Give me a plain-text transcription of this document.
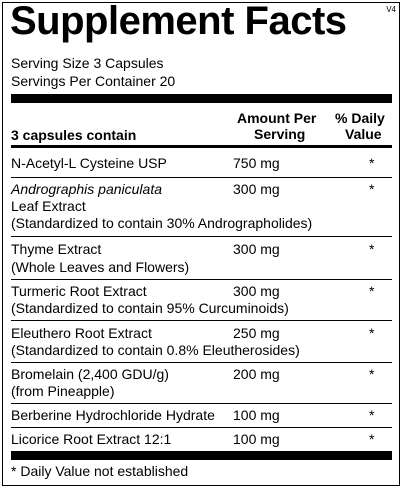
V4
Supplement Facts
Serving Size 3 Capsules
Servings Per Container 20
3 capsules contain
Amount Per
Serving
% Daily
Value
N-Acetyl-L Cysteine USP	750 mg	*
Andrographis paniculata
Leaf Extract
(Standardized to contain 30% Andrographolides)
300 mg	*
Thyme Extract
(Whole Leaves and Flowers)
300 mg	*
Turmeric Root Extract
(Standardized to contain 95% Curcuminoids)
300 mg	*
Eleuthero Root Extract
(Standardized to contain 0.8% Eleutherosides)
250 mg	*
Bromelain (2,400 GDU/g)
(from Pineapple)
200 mg	*
Berberine Hydrochloride Hydrate 100 mg	*
Licorice Root Extract 12:1	100 mg	*
* Daily Value not established
